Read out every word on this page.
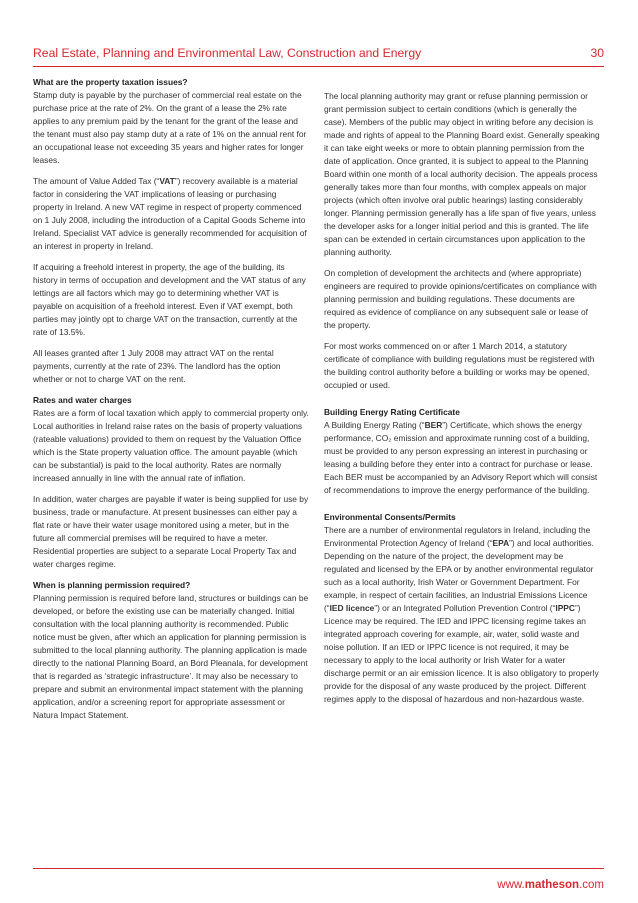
Real Estate, Planning and Environmental Law, Construction and Energy	30
What are the property taxation issues?

Stamp duty is payable by the purchaser of commercial real estate on the purchase price at the rate of 2%. On the grant of a lease the 2% rate applies to any premium paid by the tenant for the grant of the lease and the tenant must also pay stamp duty at a rate of 1% on the annual rent for an occupational lease not exceeding 35 years and higher rates for longer leases.

The amount of Value Added Tax (“VAT”) recovery available is a material factor in considering the VAT implications of leasing or purchasing property in Ireland. A new VAT regime in respect of property commenced on 1 July 2008, including the introduction of a Capital Goods Scheme into Ireland. Specialist VAT advice is generally recommended for acquisition of an interest in property in Ireland.

If acquiring a freehold interest in property, the age of the building, its history in terms of occupation and development and the VAT status of any lettings are all factors which may go to determining whether VAT is payable on acquisition of a freehold interest. Even if VAT exempt, both parties may jointly opt to charge VAT on the transaction, currently at the rate of 13.5%.

All leases granted after 1 July 2008 may attract VAT on the rental payments, currently at the rate of 23%. The landlord has the option whether or not to charge VAT on the rent.

Rates and water charges

Rates are a form of local taxation which apply to commercial property only. Local authorities in Ireland raise rates on the basis of property valuations (rateable valuations) provided to them on request by the Valuation Office which is the State property valuation office. The amount payable (which can be substantial) is paid to the local authority. Rates are normally increased annually in line with the annual rate of inflation.

In addition, water charges are payable if water is being supplied for use by business, trade or manufacture. At present businesses can either pay a flat rate or have their water usage monitored using a meter, but in the future all commercial premises will be required to have a meter. Residential properties are subject to a separate Local Property Tax and water charges regime.

When is planning permission required?

Planning permission is required before land, structures or buildings can be developed, or before the existing use can be materially changed. Initial consultation with the local planning authority is recommended. Public notice must be given, after which an application for planning permission is submitted to the local planning authority. The planning application is made directly to the national Planning Board, an Bord Pleanala, for development that is regarded as ‘strategic infrastructure’. It may also be necessary to prepare and submit an environmental impact statement with the planning application, and/or a screening report for appropriate assessment or Natura Impact Statement.

The local planning authority may grant or refuse planning permission or grant permission subject to certain conditions (which is generally the case). Members of the public may object in writing before any decision is made and rights of appeal to the Planning Board exist. Generally speaking it can take eight weeks or more to obtain planning permission from the date of application. Once granted, it is subject to appeal to the Planning Board within one month of a local authority decision. The appeals process generally takes more than four months, with complex appeals on major projects (which often involve oral public hearings) lasting considerably longer. Planning permission generally has a life span of five years, unless the developer asks for a longer initial period and this is granted. The life span can be extended in certain circumstances upon application to the planning authority.

On completion of development the architects and (where appropriate) engineers are required to provide opinions/certificates on compliance with planning permission and building regulations. These documents are required as evidence of compliance on any subsequent sale or lease of the property.

For most works commenced on or after 1 March 2014, a statutory certificate of compliance with building regulations must be registered with the building control authority before a building or works may be opened, occupied or used.

Building Energy Rating Certificate

A Building Energy Rating (“BER”) Certificate, which shows the energy performance, CO₂ emission and approximate running cost of a building, must be provided to any person expressing an interest in purchasing or leasing a building before they enter into a contract for purchase or lease. Each BER must be accompanied by an Advisory Report which will consist of recommendations to improve the energy performance of the building.

Environmental Consents/Permits

There are a number of environmental regulators in Ireland, including the Environmental Protection Agency of Ireland (“EPA”) and local authorities. Depending on the nature of the project, the development may be regulated and licensed by the EPA or by another environmental regulator such as a local authority, Irish Water or Government Department. For example, in respect of certain facilities, an Industrial Emissions Licence (“IED licence”) or an Integrated Pollution Prevention Control (“IPPC”) Licence may be required. The IED and IPPC licensing regime takes an integrated approach covering for example, air, water, solid waste and noise pollution. If an IED or IPPC licence is not required, it may be necessary to apply to the local authority or Irish Water for a water discharge permit or an air emission licence. It is also obligatory to properly provide for the disposal of any waste produced by the project. Different regimes apply to the disposal of hazardous and non-hazardous waste.

www.matheson.com
